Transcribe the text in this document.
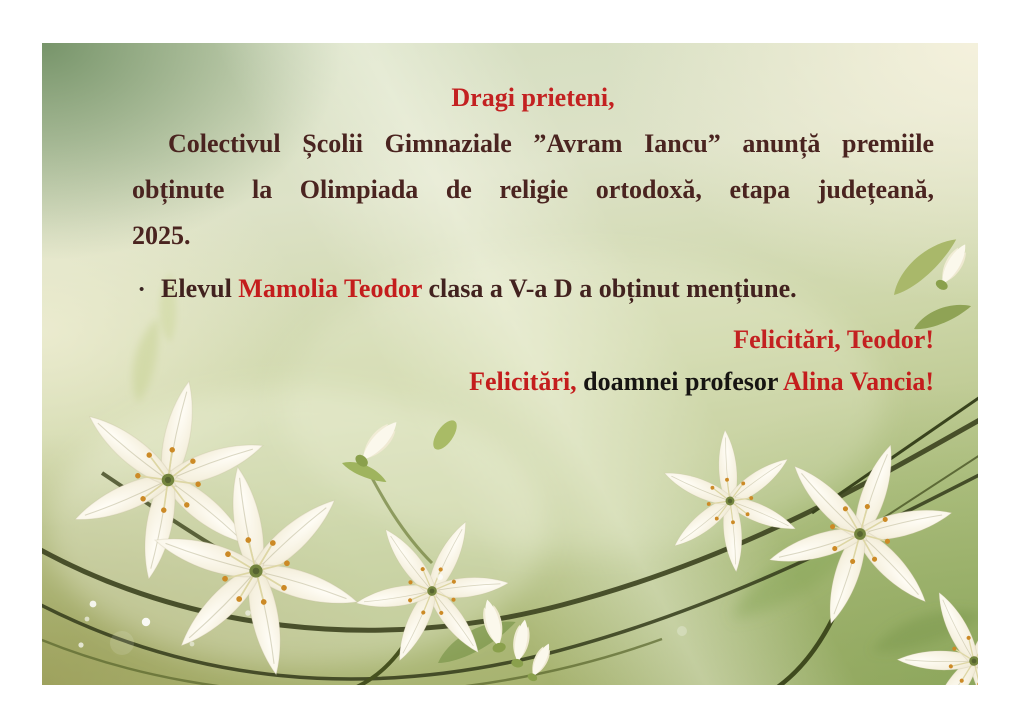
Dragi prieteni,
Colectivul Școlii Gimnaziale ”Avram Iancu” anunță premiile
obținute la Olimpiada de religie ortodoxă, etapa județeană,
2025.
• Elevul Mamolia Teodor clasa a V-a D a obținut mențiune.
Felicitări, Teodor!
Felicitări, doamnei profesor Alina Vancia!
